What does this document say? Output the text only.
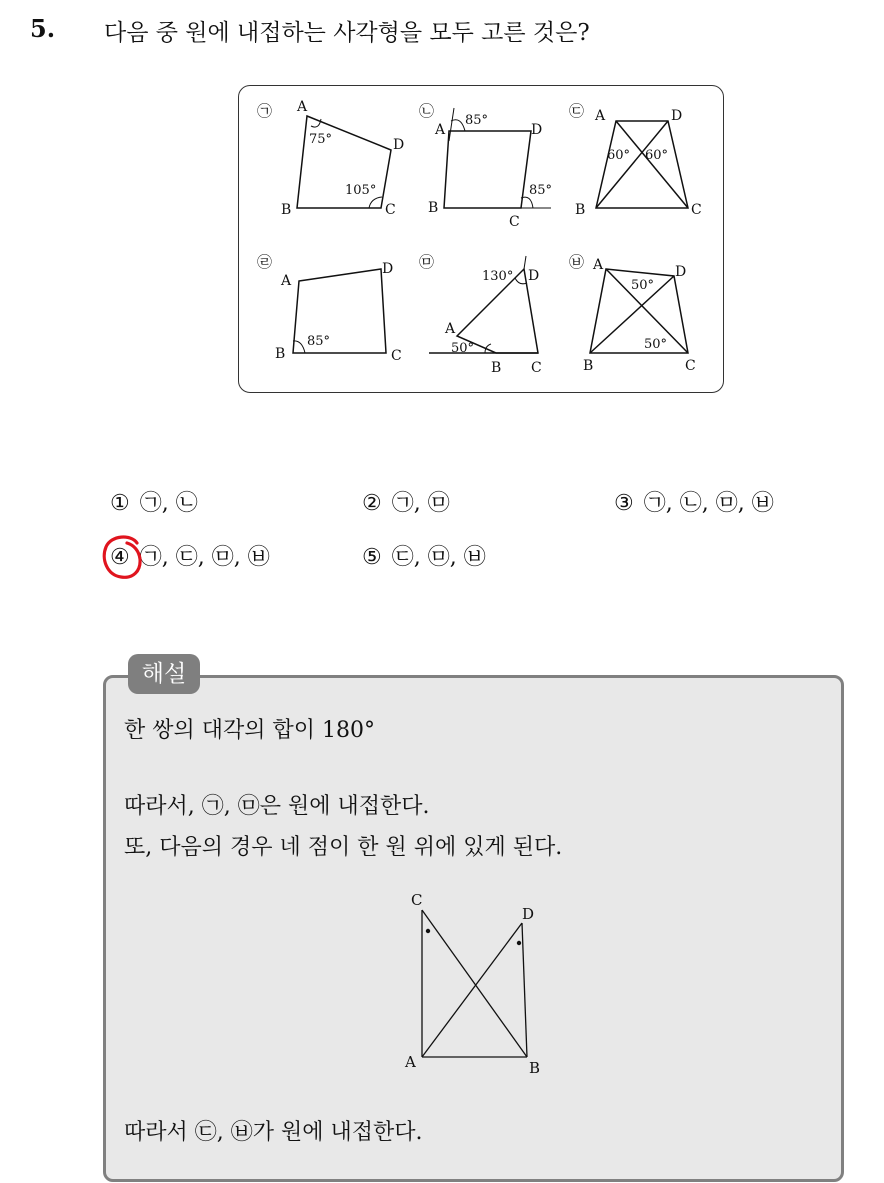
5. 다음 중 원에 내접하는 사각형을 모두 고른 것은?
㉠ A
D
B	C
75°
105°
㉡
A	D
B
C
85°
85°
㉢ A	D
B	C
60° 60°
㉣
A
D
B	C
85°
㉤
A
D
B C
130°
50°
㉥ A	D
B	C
50°
50°
① ㉠, ㉡	② ㉠, ㉤	③ ㉠, ㉡, ㉤, ㉥
④ ㉠, ㉢, ㉤, ㉥	⑤ ㉢, ㉤, ㉥
해설
한 쌍의 대각의 합이 180°
따라서, ㉠, ㉤은 원에 내접한다.
또, 다음의 경우 네 점이 한 원 위에 있게 된다.
C
D
A	B
따라서 ㉢, ㉥가 원에 내접한다.
